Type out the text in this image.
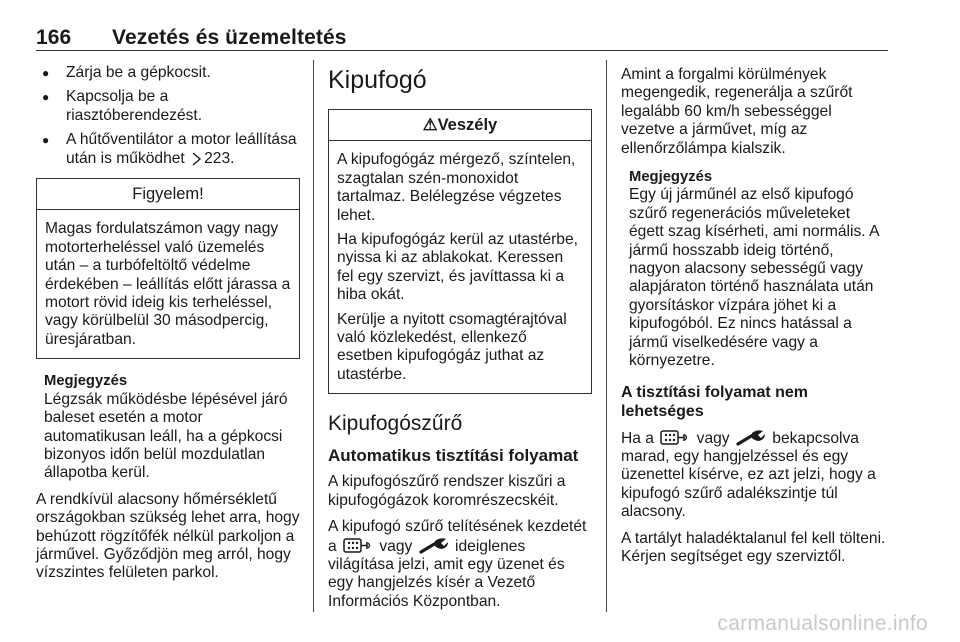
166 Vezetés és üzemeltetés
● Zárja be a gépkocsit.
● Kapcsolja be a riasztóberendezést.
● A hűtőventilátor a motor leállítása után is működhet 223.
Figyelem!

Magas fordulatszámon vagy nagy motorterheléssel való üzemelés után – a turbófeltöltő védelme érdekében – leállítás előtt járassa a motort rövid ideig kis terheléssel, vagy körülbelül 30 másodpercig, üresjáratban.

Megjegyzés
Légzsák működésbe lépésével járó baleset esetén a motor automatikusan leáll, ha a gépkocsi bizonyos időn belül mozdulatlan állapotba kerül.

A rendkívül alacsony hőmérsékletű országokban szükség lehet arra, hogy behúzott rögzítőfék nélkül parkoljon a járművel. Győződjön meg arról, hogy vízszintes felületen parkol.

Kipufogó
⚠Veszély

A kipufogógáz mérgező, színtelen, szagtalan szén-monoxidot tartalmaz. Belélegzése végzetes lehet.

Ha kipufogógáz kerül az utastérbe, nyissa ki az ablakokat. Keressen fel egy szervizt, és javíttassa ki a hiba okát.

Kerülje a nyitott csomagtérajtóval való közlekedést, ellenkező esetben kipufogógáz juthat az utastérbe.

Kipufogószűrő
Automatikus tisztítási folyamat

A kipufogószűrő rendszer kiszűri a kipufogógázok koromrészecskéit.

A kipufogó szűrő telítésének kezdetét a	vagy	ideiglenes világítása jelzi, amit egy üzenet és egy hangjelzés kísér a Vezető Információs Központban.

Amint a forgalmi körülmények megengedik, regenerálja a szűrőt legalább 60 km/h sebességgel vezetve a járművet, míg az ellenőrzőlámpa kialszik.

Megjegyzés
Egy új járműnél az első kipufogó szűrő regenerációs műveleteket égett szag kísérheti, ami normális. A jármű hosszabb ideig történő, nagyon alacsony sebességű vagy alapjáraton történő használata után gyorsításkor vízpára jöhet ki a kipufogóból. Ez nincs hatással a jármű viselkedésére vagy a környezetre.
A tisztítási folyamat nem lehetséges

Ha a	vagy	bekapcsolva marad, egy hangjelzéssel és egy üzenettel kísérve, ez azt jelzi, hogy a kipufogó szűrő adalékszintje túl alacsony.

A tartályt haladéktalanul fel kell tölteni. Kérjen segítséget egy szerviztől.

carmanualsonline.info
